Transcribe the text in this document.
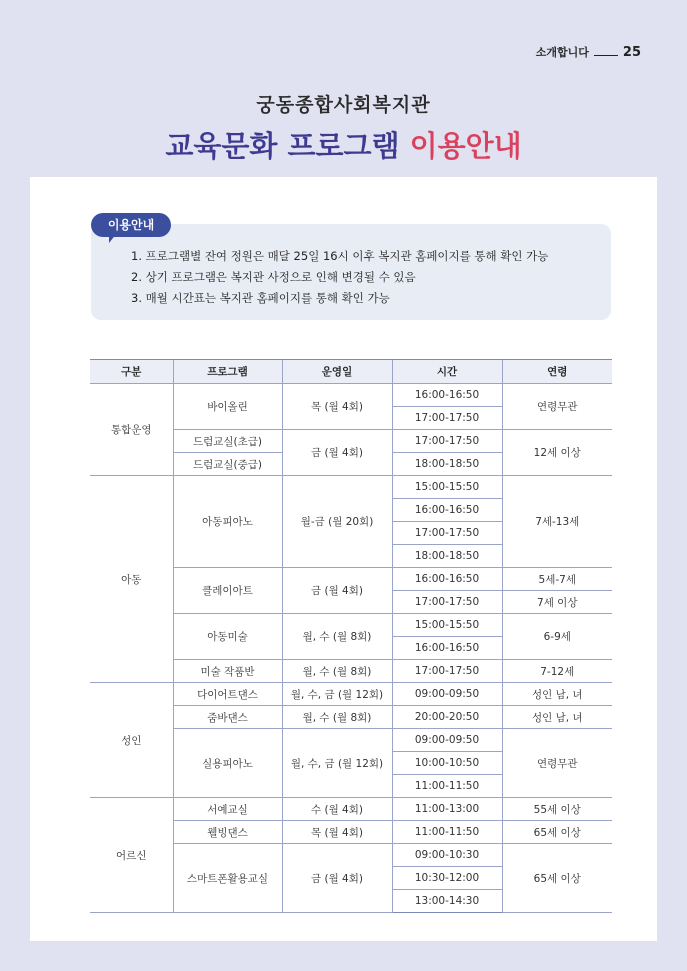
소개합니다	25
궁동종합사회복지관
교육문화 프로그램 이용안내
이용안내
1. 프로그램별 잔여 정원은 매달 25일 16시 이후 복지관 홈페이지를 통해 확인 가능
2. 상기 프로그램은 복지관 사정으로 인해 변경될 수 있음
3. 매월 시간표는 복지관 홈페이지를 통해 확인 가능
구분	프로그램	운영일	시간	연령
통합운영	바이올린	목 (월 4회)	16:00-16:50	연령무관
			17:00-17:50	
	드럼교실(초급)	금 (월 4회)	17:00-17:50	12세 이상
	드럼교실(중급)		18:00-18:50	
아동	아동피아노	월-금 (월 20회)	15:00-15:50	7세-13세
			16:00-16:50	
			17:00-17:50	
			18:00-18:50	
	클레이아트	금 (월 4회)	16:00-16:50	5세-7세
			17:00-17:50	7세 이상
	아동미술	월, 수 (월 8회)	15:00-15:50	6-9세
			16:00-16:50	
	미술 작품반	월, 수 (월 8회)	17:00-17:50	7-12세
성인	다이어트댄스	월, 수, 금 (월 12회)	09:00-09:50	성인 남, 녀
	줌바댄스	월, 수 (월 8회)	20:00-20:50	성인 남, 녀
	실용피아노	월, 수, 금 (월 12회)	09:00-09:50	연령무관
			10:00-10:50	
			11:00-11:50	
어르신	서예교실	수 (월 4회)	11:00-13:00	55세 이상
	웰빙댄스	목 (월 4회)	11:00-11:50	65세 이상
	스마트폰활용교실	금 (월 4회)	09:00-10:30	65세 이상
			10:30-12:00	
			13:00-14:30	
